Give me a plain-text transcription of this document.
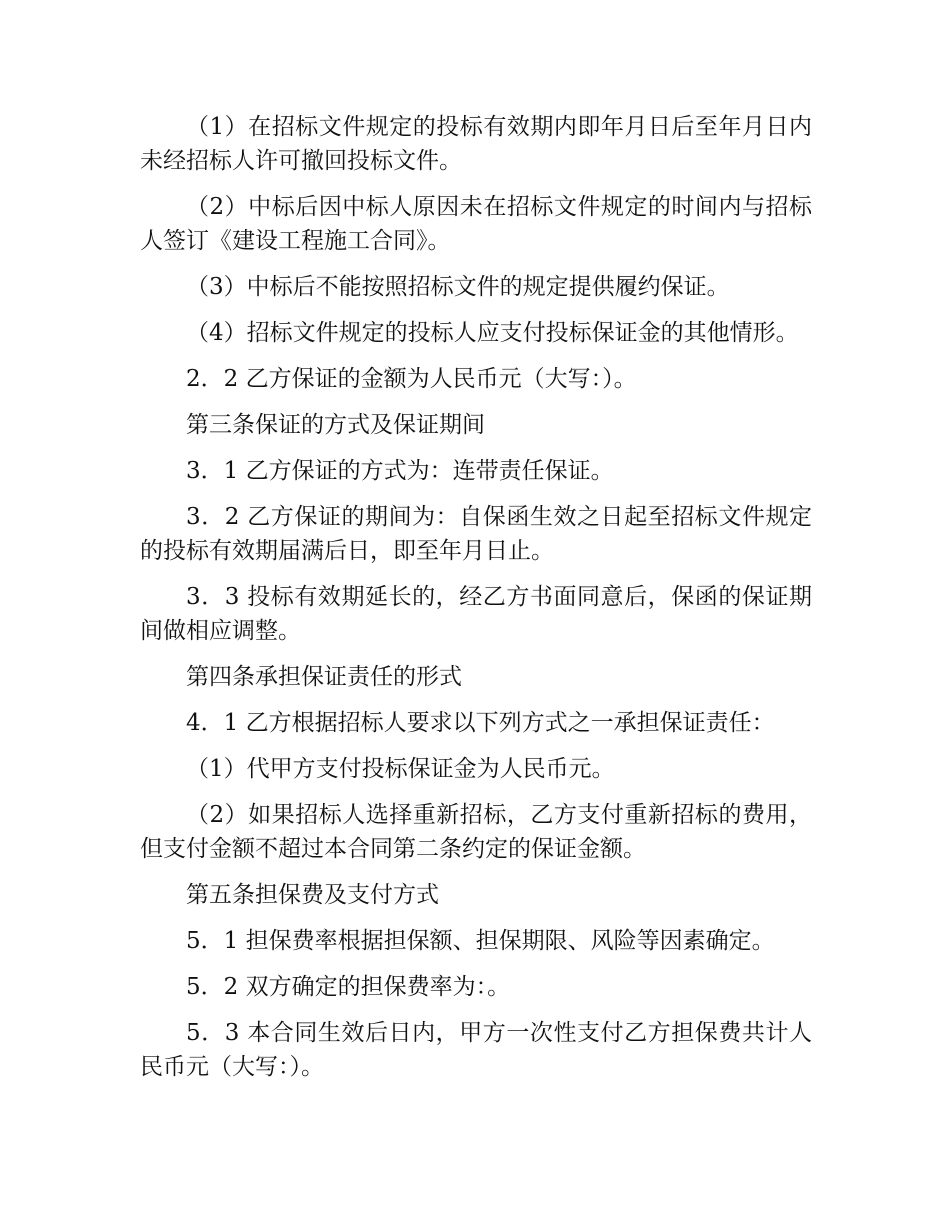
（1）在招标文件规定的投标有效期内即年月日后至年月日内未经招标人许可撤回投标文件。

（2）中标后因中标人原因未在招标文件规定的时间内与招标人签订《建设工程施工合同》。

（3）中标后不能按照招标文件的规定提供履约保证。

（4）招标文件规定的投标人应支付投标保证金的其他情形。

2．2 乙方保证的金额为人民币元（大写：）。

第三条保证的方式及保证期间

3．1 乙方保证的方式为：连带责任保证。

3．2 乙方保证的期间为：自保函生效之日起至招标文件规定的投标有效期届满后日，即至年月日止。

3．3 投标有效期延长的，经乙方书面同意后，保函的保证期间做相应调整。

第四条承担保证责任的形式

4．1 乙方根据招标人要求以下列方式之一承担保证责任：

（1）代甲方支付投标保证金为人民币元。

（2）如果招标人选择重新招标，乙方支付重新招标的费用，但支付金额不超过本合同第二条约定的保证金额。

第五条担保费及支付方式

5．1 担保费率根据担保额、担保期限、风险等因素确定。

5．2 双方确定的担保费率为：。

5．3 本合同生效后日内，甲方一次性支付乙方担保费共计人民币元（大写：）。
